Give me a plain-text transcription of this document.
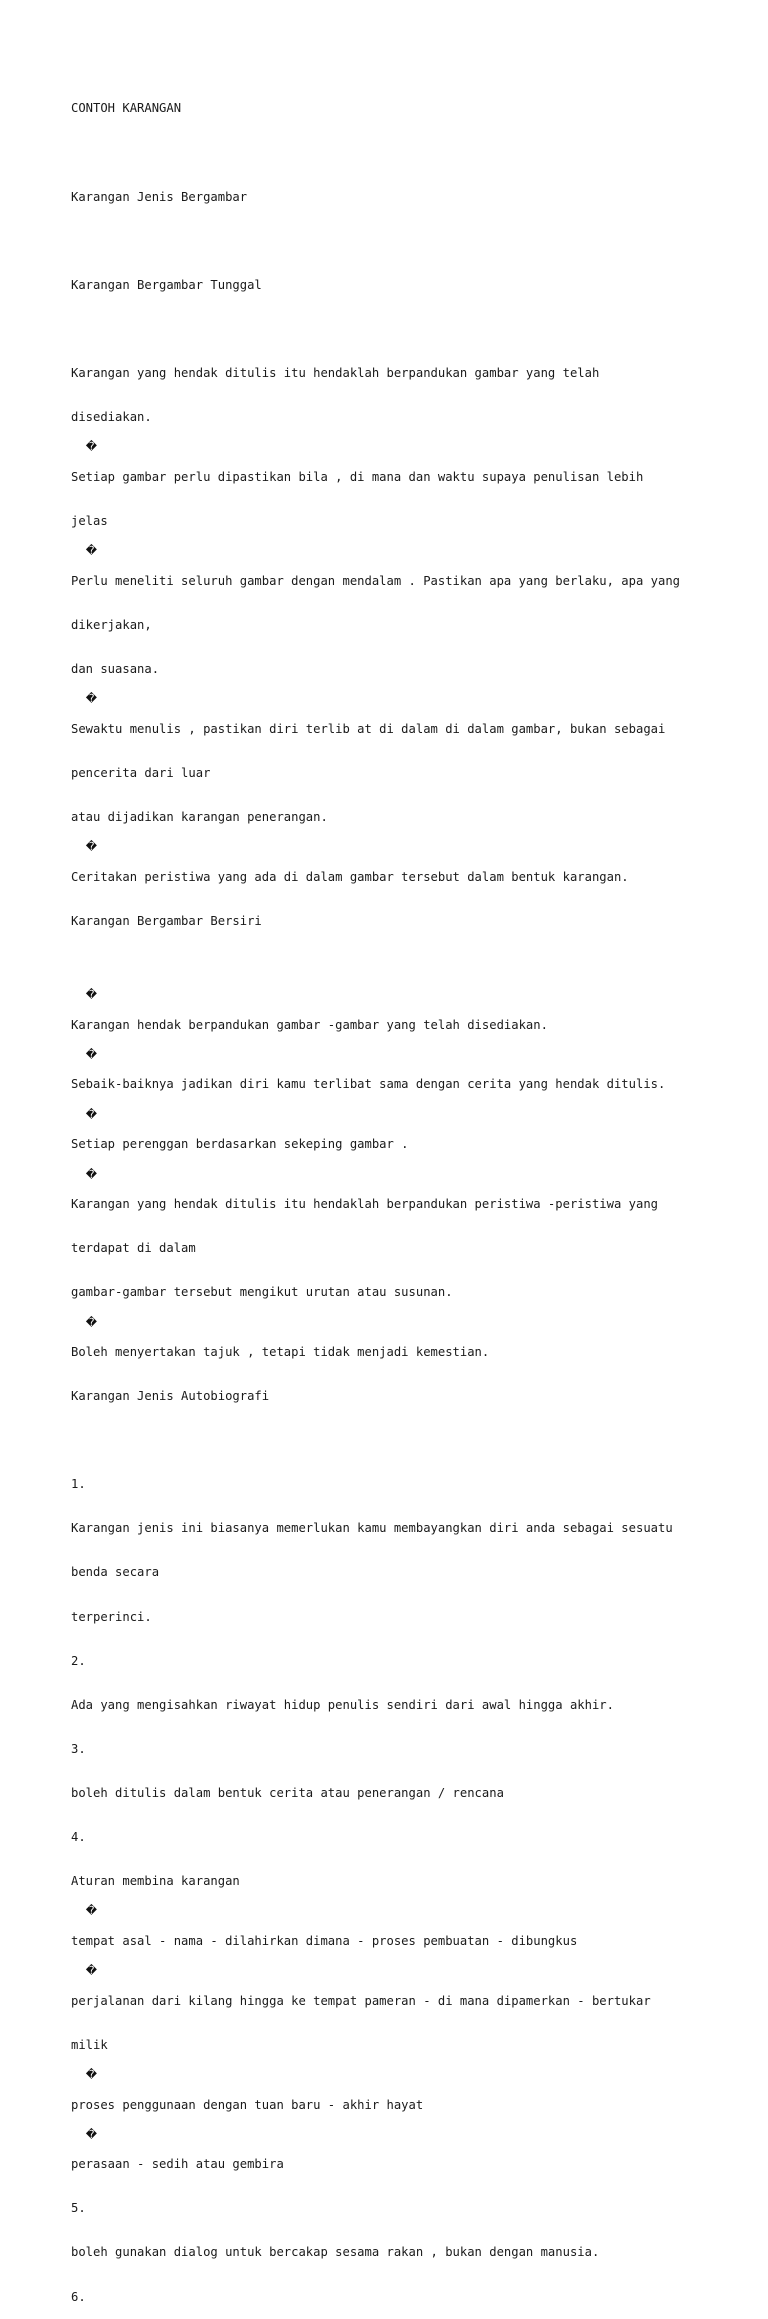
CONTOH KARANGAN

Karangan Jenis Bergambar

Karangan Bergambar Tunggal

Karangan yang hendak ditulis itu hendaklah berpandukan gambar yang telah

disediakan.

�

Setiap gambar perlu dipastikan bila , di mana dan waktu supaya penulisan lebih

jelas

�

Perlu meneliti seluruh gambar dengan mendalam . Pastikan apa yang berlaku, apa yang

dikerjakan,

dan suasana.

�

Sewaktu menulis , pastikan diri terlib at di dalam di dalam gambar, bukan sebagai

pencerita dari luar

atau dijadikan karangan penerangan.

�

Ceritakan peristiwa yang ada di dalam gambar tersebut dalam bentuk karangan.

Karangan Bergambar Bersiri

�

Karangan hendak berpandukan gambar -gambar yang telah disediakan.

�

Sebaik-baiknya jadikan diri kamu terlibat sama dengan cerita yang hendak ditulis.

�

Setiap perenggan berdasarkan sekeping gambar .

�

Karangan yang hendak ditulis itu hendaklah berpandukan peristiwa -peristiwa yang

terdapat di dalam

gambar-gambar tersebut mengikut urutan atau susunan.

�

Boleh menyertakan tajuk , tetapi tidak menjadi kemestian.

Karangan Jenis Autobiografi

1.

Karangan jenis ini biasanya memerlukan kamu membayangkan diri anda sebagai sesuatu

benda secara

terperinci.

2.

Ada yang mengisahkan riwayat hidup penulis sendiri dari awal hingga akhir.

3.

boleh ditulis dalam bentuk cerita atau penerangan / rencana

4.

Aturan membina karangan

�

tempat asal - nama - dilahirkan dimana - proses pembuatan - dibungkus

�

perjalanan dari kilang hingga ke tempat pameran - di mana dipamerkan - bertukar

milik

�

proses penggunaan dengan tuan baru - akhir hayat

�

perasaan - sedih atau gembira

5.

boleh gunakan dialog untuk bercakap sesama rakan , bukan dengan manusia.

6.
